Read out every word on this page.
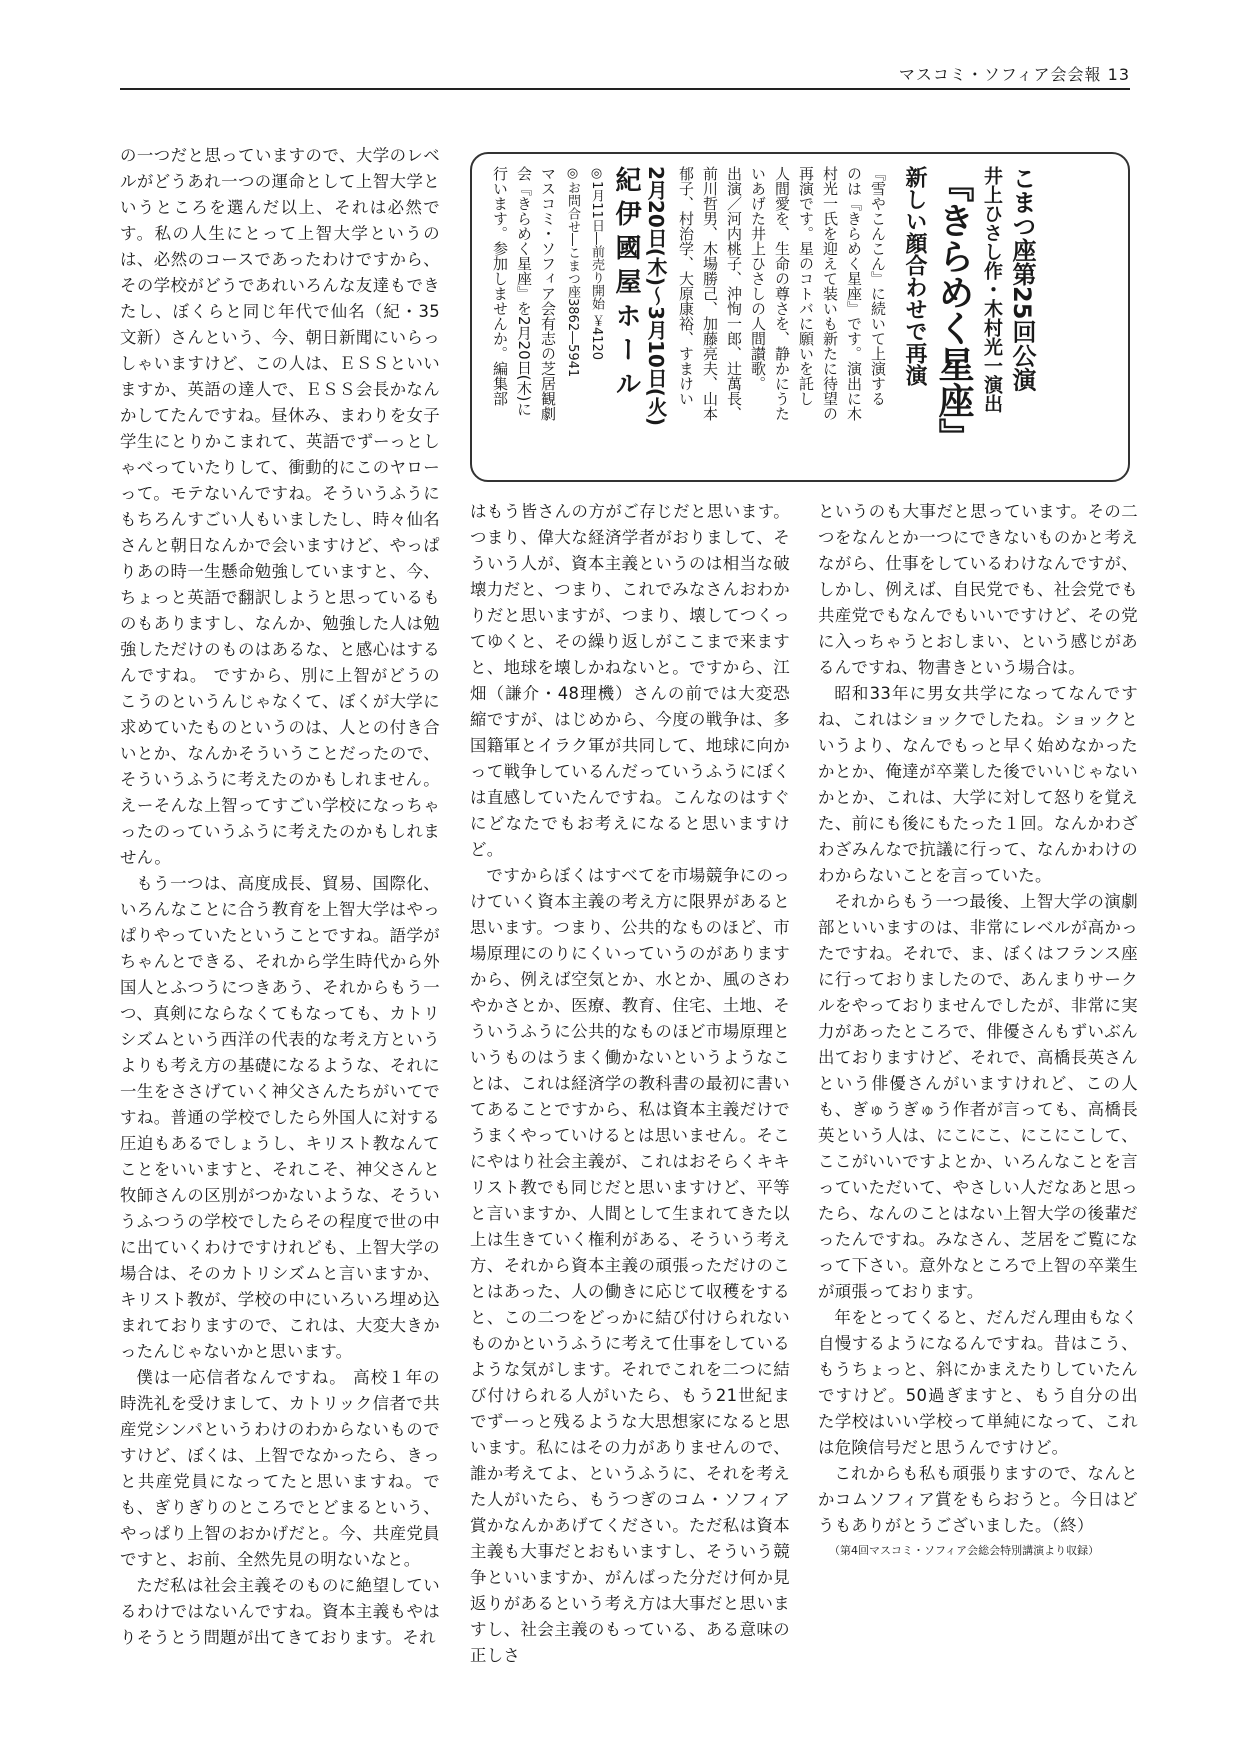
マスコミ・ソフィア会会報 13
こまつ座第25回公演
井上ひさし作・木村光一演出
『きらめく星座』
新しい顔合わせで再演
『雪やこんこん』に続いて上演する
のは『きらめく星座』です。演出に木
村光一氏を迎えて装いも新たに待望の
再演です。星のコトバに願いを託し
人間愛を、生命の尊さを、静かにうた
いあげた井上ひさしの人間讃歌。
出演／河内桃子、沖恂一郎、辻萬長、
前川哲男、木場勝己、加藤亮夫、山本
郁子、村治学、大原康裕、すまけい
2月20日(木)〜3月10日(火)
紀伊國屋ホール
◎1月11日―前売り開始 ￥4120
◎お問合せ―こまつ座3862―5941
マスコミ・ソフィア会有志の芝居観劇
会『きらめく星座』を2月20日(木)に
行います。参加しませんか。編集部

の一つだと思っていますので、大学のレベルがどうあれ一つの運命として上智大学というところを選んだ以上、それは必然です。私の人生にとって上智大学というのは、必然のコースであったわけですから、その学校がどうであれいろんな友達もできたし、ぼくらと同じ年代で仙名（紀・35文新）さんという、今、朝日新聞にいらっしゃいますけど、この人は、ＥＳＳといいますか、英語の達人で、ＥＳＳ会長かなんかしてたんですね。昼休み、まわりを女子学生にとりかこまれて、英語でずーっとしゃべっていたりして、衝動的にこのヤローって。モテないんですね。そういうふうにもちろんすごい人もいましたし、時々仙名さんと朝日なんかで会いますけど、やっぱりあの時一生懸命勉強していますと、今、ちょっと英語で翻訳しようと思っているものもありますし、なんか、勉強した人は勉強しただけのものはあるな、と感心はするんですね。 ですから、別に上智がどうのこうのというんじゃなくて、ぼくが大学に求めていたものというのは、人との付き合いとか、なんかそういうことだったので、そういうふうに考えたのかもしれません。えーそんな上智ってすごい学校になっちゃったのっていうふうに考えたのかもしれません。

もう一つは、高度成長、貿易、国際化、いろんなことに合う教育を上智大学はやっぱりやっていたということですね。語学がちゃんとできる、それから学生時代から外国人とふつうにつきあう、それからもう一つ、真剣にならなくてもなっても、カトリシズムという西洋の代表的な考え方というよりも考え方の基礎になるような、それに一生をささげていく神父さんたちがいてですね。普通の学校でしたら外国人に対する圧迫もあるでしょうし、キリスト教なんてことをいいますと、それこそ、神父さんと牧師さんの区別がつかないような、そういうふつうの学校でしたらその程度で世の中に出ていくわけですけれども、上智大学の場合は、そのカトリシズムと言いますか、キリスト教が、学校の中にいろいろ埋め込まれておりますので、これは、大変大きかったんじゃないかと思います。

僕は一応信者なんですね。 高校１年の時洗礼を受けまして、カトリック信者で共産党シンパというわけのわからないものですけど、ぼくは、上智でなかったら、きっと共産党員になってたと思いますね。でも、ぎりぎりのところでとどまるという、やっぱり上智のおかげだと。今、共産党員ですと、お前、全然先見の明ないなと。

ただ私は社会主義そのものに絶望しているわけではないんですね。資本主義もやはりそうとう問題が出てきております。それ

はもう皆さんの方がご存じだと思います。つまり、偉大な経済学者がおりまして、そういう人が、資本主義というのは相当な破壊力だと、つまり、これでみなさんおわかりだと思いますが、つまり、壊してつくってゆくと、その繰り返しがここまで来ますと、地球を壊しかねないと。ですから、江畑（謙介・48理機）さんの前では大変恐縮ですが、はじめから、今度の戦争は、多国籍軍とイラク軍が共同して、地球に向かって戦争しているんだっていうふうにぼくは直感していたんですね。こんなのはすぐにどなたでもお考えになると思いますけど。

ですからぼくはすべてを市場競争にのっけていく資本主義の考え方に限界があると思います。つまり、公共的なものほど、市場原理にのりにくいっていうのがありますから、例えば空気とか、水とか、風のさわやかさとか、医療、教育、住宅、土地、そういうふうに公共的なものほど市場原理というものはうまく働かないというようなことは、これは経済学の教科書の最初に書いてあることですから、私は資本主義だけでうまくやっていけるとは思いません。そこにやはり社会主義が、これはおそらくキキリスト教でも同じだと思いますけど、平等と言いますか、人間として生まれてきた以上は生きていく権利がある、そういう考え方、それから資本主義の頑張っただけのことはあった、人の働きに応じて収穫をすると、この二つをどっかに結び付けられないものかというふうに考えて仕事をしているような気がします。それでこれを二つに結び付けられる人がいたら、もう21世紀までずーっと残るような大思想家になると思います。私にはその力がありませんので、誰か考えてよ、というふうに、それを考えた人がいたら、もうつぎのコム・ソフィア賞かなんかあげてください。ただ私は資本主義も大事だとおもいますし、そういう競争といいますか、がんばった分だけ何か見返りがあるという考え方は大事だと思いますし、社会主義のもっている、ある意味の正しさ

というのも大事だと思っています。その二つをなんとか一つにできないものかと考えながら、仕事をしているわけなんですが、しかし、例えば、自民党でも、社会党でも共産党でもなんでもいいですけど、その党に入っちゃうとおしまい、という感じがあるんですね、物書きという場合は。

昭和33年に男女共学になってなんですね、これはショックでしたね。ショックというより、なんでもっと早く始めなかったかとか、俺達が卒業した後でいいじゃないかとか、これは、大学に対して怒りを覚えた、前にも後にもたった１回。なんかわざわざみんなで抗議に行って、なんかわけのわからないことを言っていた。

それからもう一つ最後、上智大学の演劇部といいますのは、非常にレベルが高かったですね。それで、ま、ぼくはフランス座に行っておりましたので、あんまりサークルをやっておりませんでしたが、非常に実力があったところで、俳優さんもずいぶん出ておりますけど、それで、高橋長英さんという俳優さんがいますけれど、この人も、ぎゅうぎゅう作者が言っても、高橋長英という人は、にこにこ、にこにこして、ここがいいですよとか、いろんなことを言っていただいて、やさしい人だなあと思ったら、なんのことはない上智大学の後輩だったんですね。みなさん、芝居をご覧になって下さい。意外なところで上智の卒業生が頑張っております。

年をとってくると、だんだん理由もなく自慢するようになるんですね。昔はこう、もうちょっと、斜にかまえたりしていたんですけど。50過ぎますと、もう自分の出た学校はいい学校って単純になって、これは危険信号だと思うんですけど。

これからも私も頑張りますので、なんとかコムソフィア賞をもらおうと。今日はどうもありがとうございました。（終）

（第4回マスコミ・ソフィア会総会特別講演より収録）
